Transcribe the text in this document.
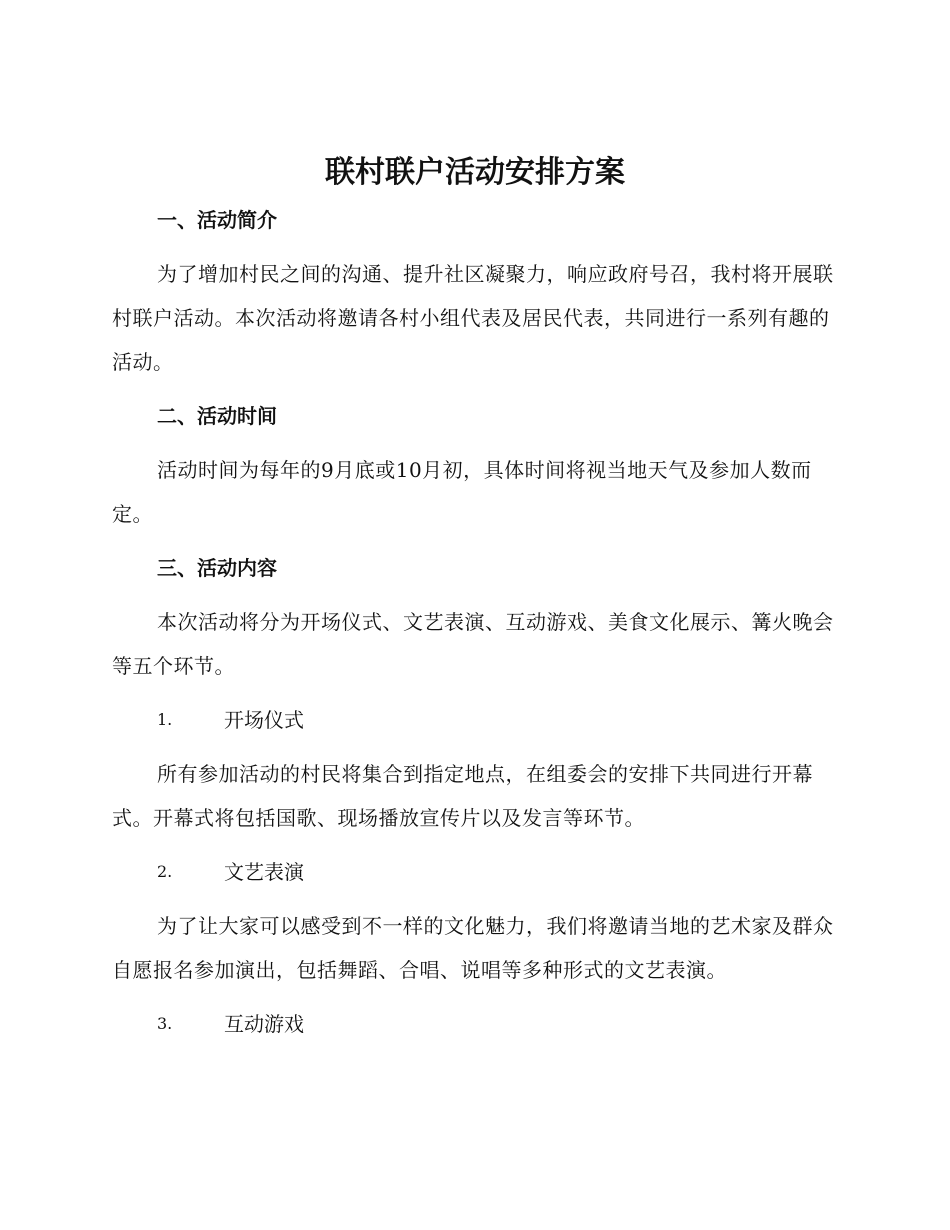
联村联户活动安排方案
一、活动简介

为了增加村民之间的沟通、提升社区凝聚力，响应政府号召，我村将开展联村联户活动。本次活动将邀请各村小组代表及居民代表，共同进行一系列有趣的活动。

二、活动时间

活动时间为每年的9月底或10月初，具体时间将视当地天气及参加人数而定。

三、活动内容

本次活动将分为开场仪式、文艺表演、互动游戏、美食文化展示、篝火晚会等五个环节。

1.	开场仪式

所有参加活动的村民将集合到指定地点，在组委会的安排下共同进行开幕式。开幕式将包括国歌、现场播放宣传片以及发言等环节。

2.	文艺表演

为了让大家可以感受到不一样的文化魅力，我们将邀请当地的艺术家及群众自愿报名参加演出，包括舞蹈、合唱、说唱等多种形式的文艺表演。

3.	互动游戏
